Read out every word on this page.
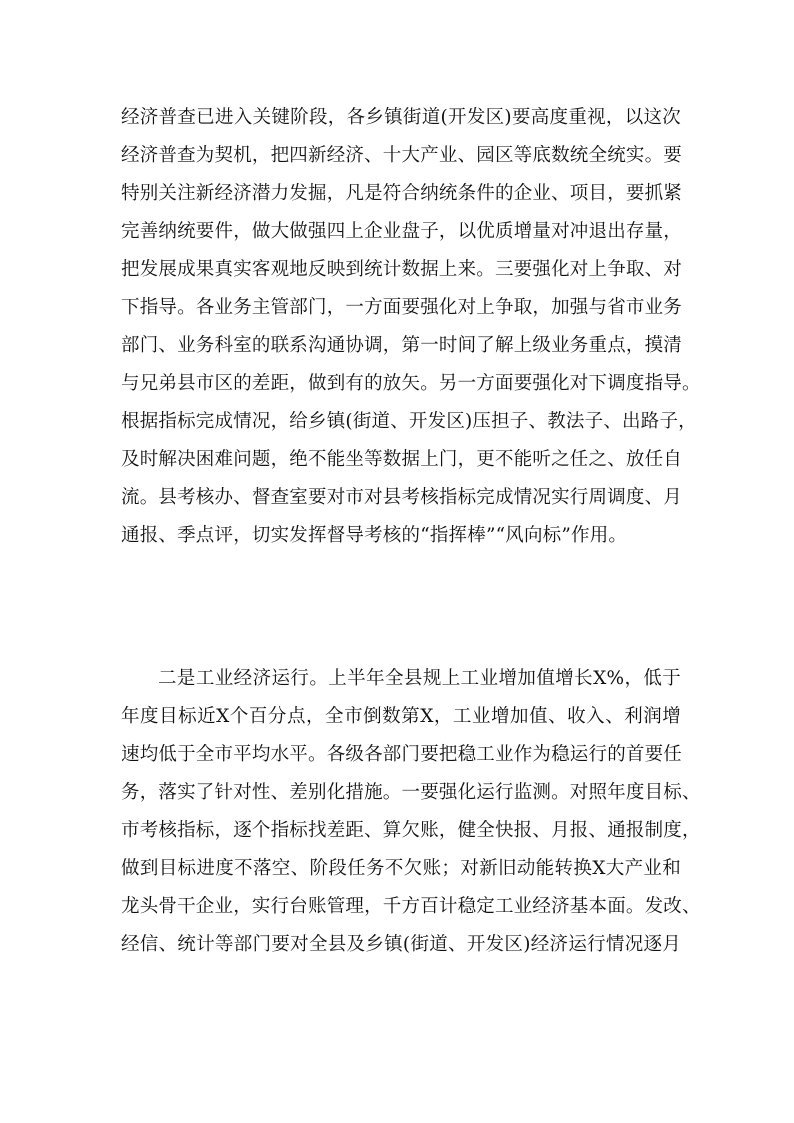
经济普查已进入关键阶段，各乡镇街道(开发区)要高度重视，以这次
经济普查为契机，把四新经济、十大产业、园区等底数统全统实。要
特别关注新经济潜力发掘，凡是符合纳统条件的企业、项目，要抓紧
完善纳统要件，做大做强四上企业盘子，以优质增量对冲退出存量，
把发展成果真实客观地反映到统计数据上来。三要强化对上争取、对
下指导。各业务主管部门，一方面要强化对上争取，加强与省市业务
部门、业务科室的联系沟通协调，第一时间了解上级业务重点，摸清
与兄弟县市区的差距，做到有的放矢。另一方面要强化对下调度指导。
根据指标完成情况，给乡镇(街道、开发区)压担子、教法子、出路子，
及时解决困难问题，绝不能坐等数据上门，更不能听之任之、放任自
流。县考核办、督查室要对市对县考核指标完成情况实行周调度、月
通报、季点评，切实发挥督导考核的“指挥棒”“风向标”作用。
二是工业经济运行。上半年全县规上工业增加值增长X%，低于
年度目标近X个百分点，全市倒数第X，工业增加值、收入、利润增
速均低于全市平均水平。各级各部门要把稳工业作为稳运行的首要任
务，落实了针对性、差别化措施。一要强化运行监测。对照年度目标、
市考核指标，逐个指标找差距、算欠账，健全快报、月报、通报制度，
做到目标进度不落空、阶段任务不欠账；对新旧动能转换X大产业和
龙头骨干企业，实行台账管理，千方百计稳定工业经济基本面。发改、
经信、统计等部门要对全县及乡镇(街道、开发区)经济运行情况逐月
